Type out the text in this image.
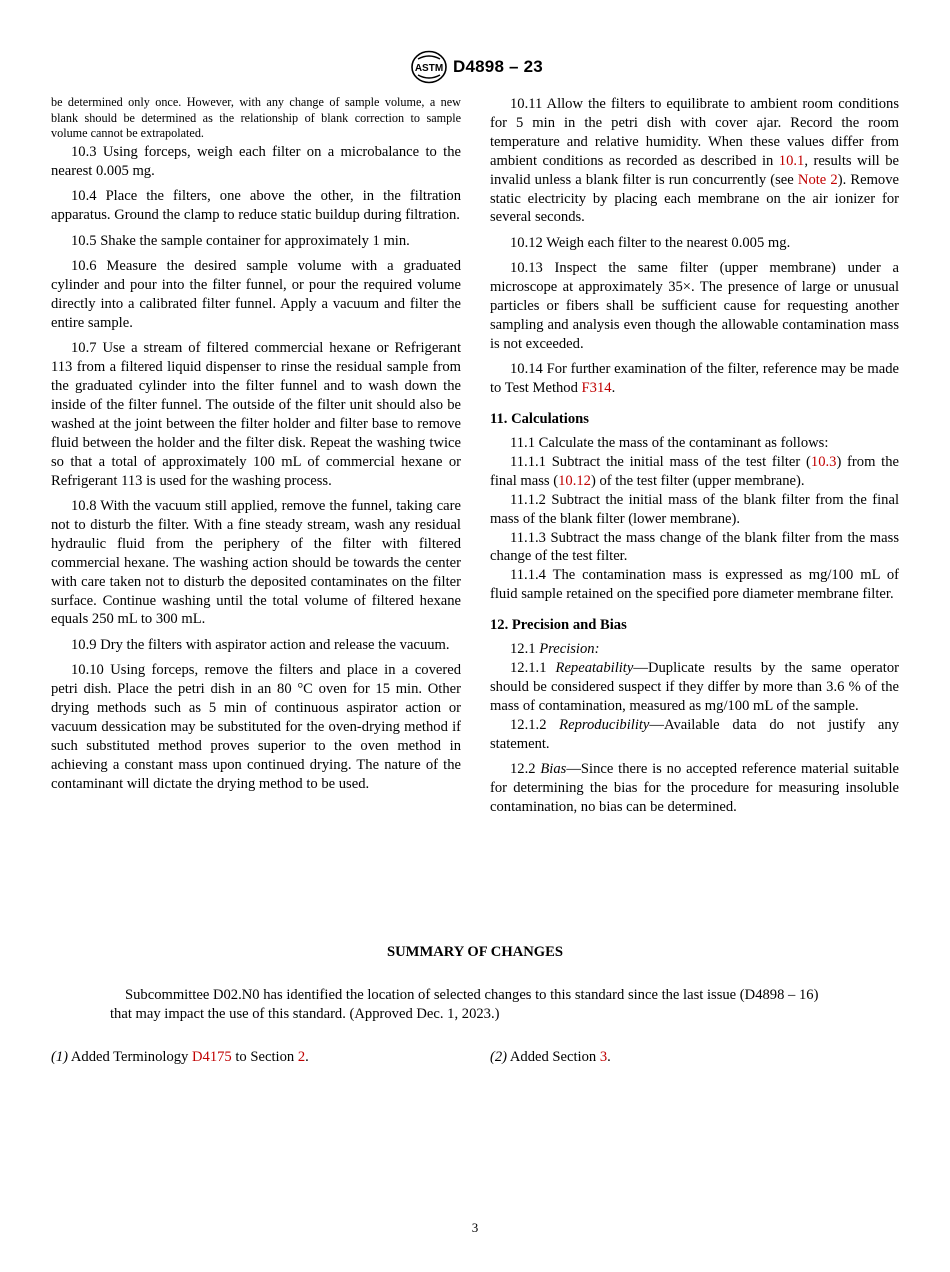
ASTM D4898 – 23

be determined only once. However, with any change of sample volume, a new blank should be determined as the relationship of blank correction to sample volume cannot be extrapolated.

10.3 Using forceps, weigh each filter on a microbalance to the nearest 0.005 mg.

10.4 Place the filters, one above the other, in the filtration apparatus. Ground the clamp to reduce static buildup during filtration.

10.5 Shake the sample container for approximately 1 min.

10.6 Measure the desired sample volume with a graduated cylinder and pour into the filter funnel, or pour the required volume directly into a calibrated filter funnel. Apply a vacuum and filter the entire sample.

10.7 Use a stream of filtered commercial hexane or Refrigerant 113 from a filtered liquid dispenser to rinse the residual sample from the graduated cylinder into the filter funnel and to wash down the inside of the filter funnel. The outside of the filter unit should also be washed at the joint between the filter holder and filter base to remove fluid between the holder and the filter disk. Repeat the washing twice so that a total of approximately 100 mL of commercial hexane or Refrigerant 113 is used for the washing process.

10.8 With the vacuum still applied, remove the funnel, taking care not to disturb the filter. With a fine steady stream, wash any residual hydraulic fluid from the periphery of the filter with filtered commercial hexane. The washing action should be towards the center with care taken not to disturb the deposited contaminates on the filter surface. Continue washing until the total volume of filtered hexane equals 250 mL to 300 mL.

10.9 Dry the filters with aspirator action and release the vacuum.

10.10 Using forceps, remove the filters and place in a covered petri dish. Place the petri dish in an 80 °C oven for 15 min. Other drying methods such as 5 min of continuous aspirator action or vacuum dessication may be substituted for the oven-drying method if such substituted method proves superior to the oven method in achieving a constant mass upon continued drying. The nature of the contaminant will dictate the drying method to be used.

10.11 Allow the filters to equilibrate to ambient room conditions for 5 min in the petri dish with cover ajar. Record the room temperature and relative humidity. When these values differ from ambient conditions as recorded as described in 10.1, results will be invalid unless a blank filter is run concurrently (see Note 2). Remove static electricity by placing each membrane on the air ionizer for several seconds.

10.12 Weigh each filter to the nearest 0.005 mg.

10.13 Inspect the same filter (upper membrane) under a microscope at approximately 35×. The presence of large or unusual particles or fibers shall be sufficient cause for requesting another sampling and analysis even though the allowable contamination mass is not exceeded.

10.14 For further examination of the filter, reference may be made to Test Method F314.

11. Calculations

11.1 Calculate the mass of the contaminant as follows:

11.1.1 Subtract the initial mass of the test filter (10.3) from the final mass (10.12) of the test filter (upper membrane).

11.1.2 Subtract the initial mass of the blank filter from the final mass of the blank filter (lower membrane).

11.1.3 Subtract the mass change of the blank filter from the mass change of the test filter.

11.1.4 The contamination mass is expressed as mg/100 mL of fluid sample retained on the specified pore diameter membrane filter.

12. Precision and Bias

12.1 Precision:

12.1.1 Repeatability—Duplicate results by the same operator should be considered suspect if they differ by more than 3.6 % of the mass of contamination, measured as mg/100 mL of the sample.

12.1.2 Reproducibility—Available data do not justify any statement.

12.2 Bias—Since there is no accepted reference material suitable for determining the bias for the procedure for measuring insoluble contamination, no bias can be determined.

SUMMARY OF CHANGES
Subcommittee D02.N0 has identified the location of selected changes to this standard since the last issue (D4898 – 16) that may impact the use of this standard. (Approved Dec. 1, 2023.)
(1) Added Terminology D4175 to Section 2.	(2) Added Section 3.
3
